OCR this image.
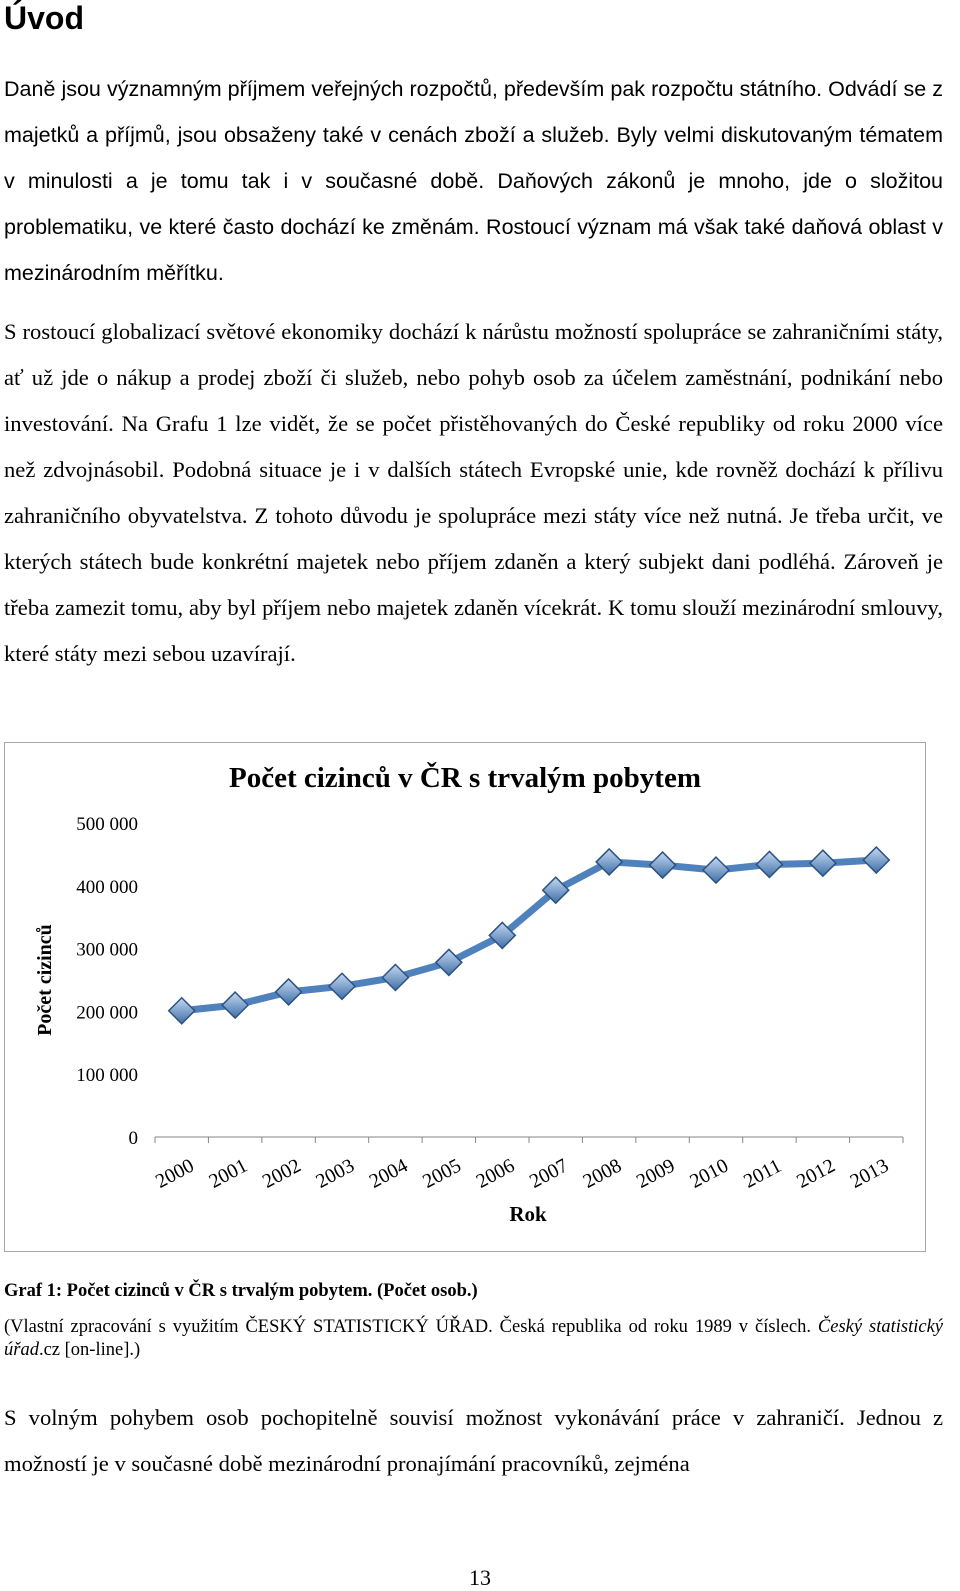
Úvod

Daně jsou významným příjmem veřejných rozpočtů, především pak rozpočtu státního. Odvádí se z majetků a příjmů, jsou obsaženy také v cenách zboží a služeb. Byly velmi diskutovaným tématem v minulosti a je tomu tak i v současné době. Daňových zákonů je mnoho, jde o složitou problematiku, ve které často dochází ke změnám. Rostoucí význam má však také daňová oblast v mezinárodním měřítku.

S rostoucí globalizací světové ekonomiky dochází k nárůstu možností spolupráce se zahraničními státy, ať už jde o nákup a prodej zboží či služeb, nebo pohyb osob za účelem zaměstnání, podnikání nebo investování. Na Grafu 1 lze vidět, že se počet přistěhovaných do České republiky od roku 2000 více než zdvojnásobil. Podobná situace je i v dalších státech Evropské unie, kde rovněž dochází k přílivu zahraničního obyvatelstva. Z tohoto důvodu je spolupráce mezi státy více než nutná. Je třeba určit, ve kterých státech bude konkrétní majetek nebo příjem zdaněn a který subjekt dani podléhá. Zároveň je třeba zamezit tomu, aby byl příjem nebo majetek zdaněn vícekrát. K tomu slouží mezinárodní smlouvy, které státy mezi sebou uzavírají.

Počet cizinců v ČR s trvalým pobytem
0
100 000
200 000
300 000
400 000
500 000
2000 2001 2002 2003 2004 2005 2006 2007 2008 2009 2010 2011 2012 2013
Rok
Počet cizinců

Graf 1: Počet cizinců v ČR s trvalým pobytem. (Počet osob.)

(Vlastní zpracování s využitím ČESKÝ STATISTICKÝ ÚŘAD. Česká republika od roku 1989 v číslech. Český statistický úřad.cz [on-line].)

S volným pohybem osob pochopitelně souvisí možnost vykonávání práce v zahraničí. Jednou z možností je v současné době mezinárodní pronajímání pracovníků, zejména

13
